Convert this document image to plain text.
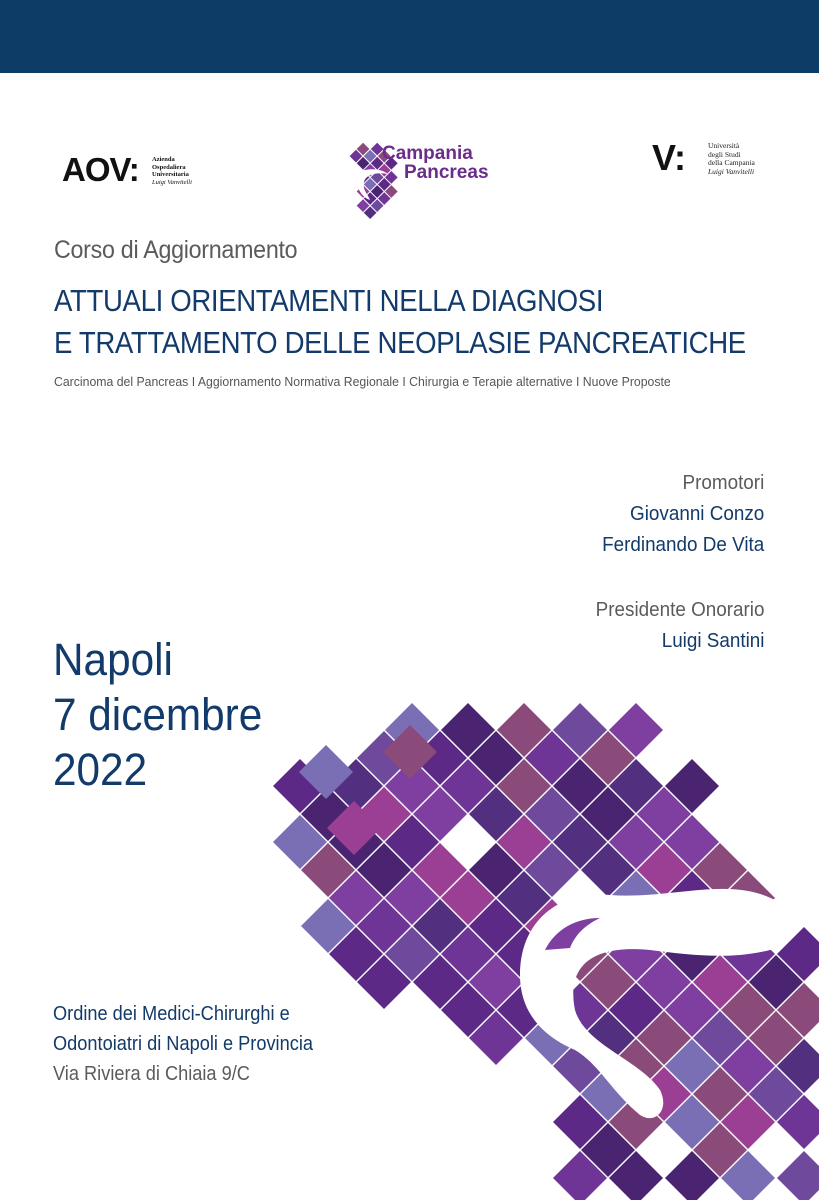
AOV: Azienda
Ospedaliera
Universitaria
Luigi Vanvitelli
Campania
Pancreas	V:	Università
degli Studi
della Campania
Luigi Vanvitelli
Corso di Aggiornamento
ATTUALI ORIENTAMENTI NELLA DIAGNOSI
E TRATTAMENTO DELLE NEOPLASIE PANCREATICHE
Carcinoma del Pancreas I Aggiornamento Normativa Regionale I Chirurgia e Terapie alternative I Nuove Proposte
Promotori
Giovanni Conzo
Ferdinando De Vita
Presidente Onorario
Luigi Santini
Napoli
7 dicembre
2022
Ordine dei Medici-Chirurghi e
Odontoiatri di Napoli e Provincia
Via Riviera di Chiaia 9/C
